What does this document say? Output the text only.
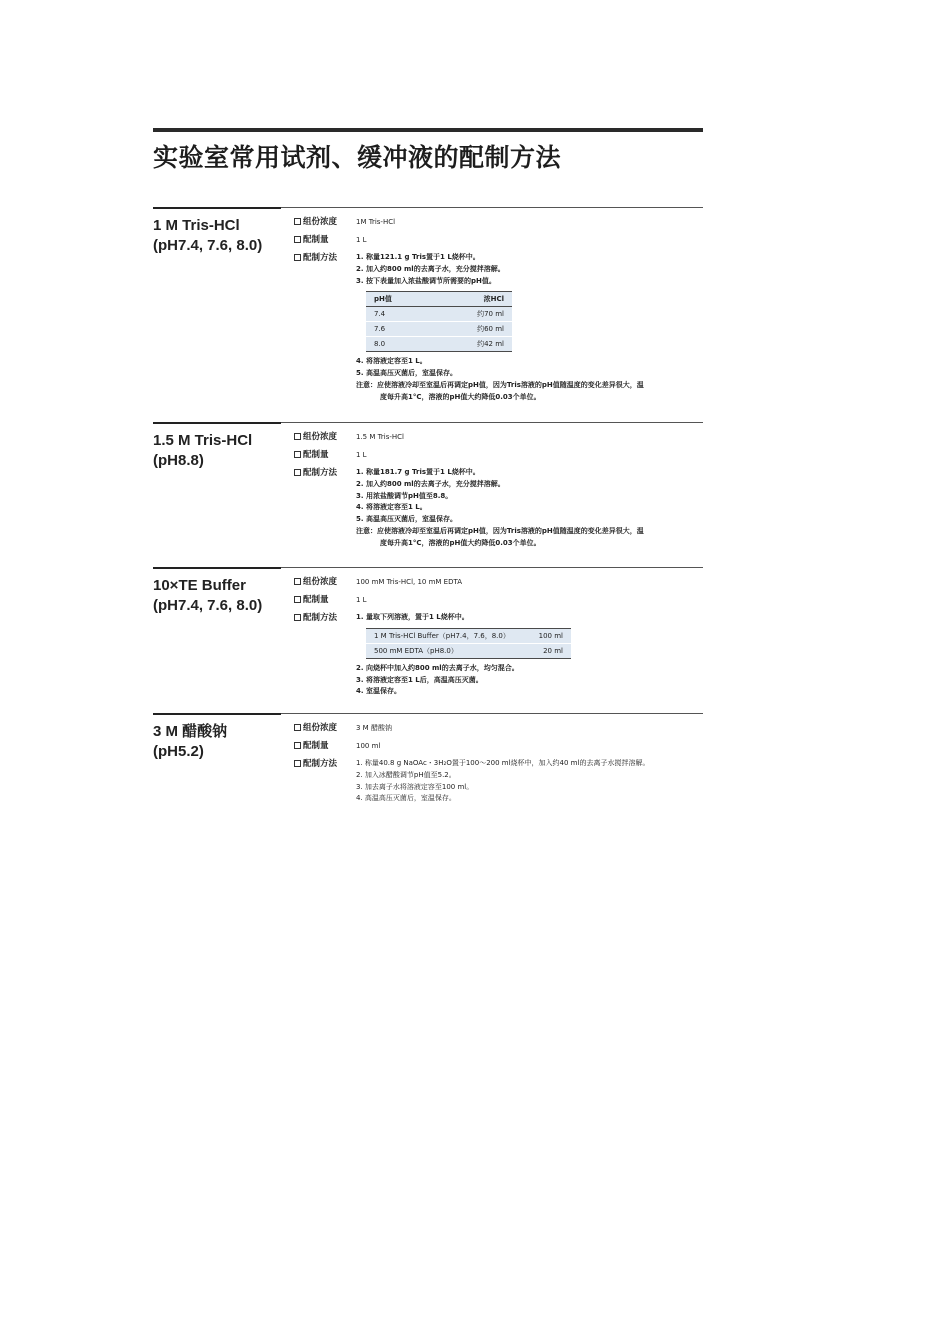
实验室常用试剂、缓冲液的配制方法
1 M Tris-HCl
(pH7.4, 7.6, 8.0)
组份浓度	1M Tris-HCl
配制量	1 L
配制方法	1. 称量121.1 g Tris置于1 L烧杯中。
2. 加入约800 ml的去离子水，充分搅拌溶解。
3. 按下表量加入浓盐酸调节所需要的pH值。
pH值	浓HCl
7.4	约70 ml
7.6	约60 ml
8.0	约42 ml
4. 将溶液定容至1 L。
5. 高温高压灭菌后，室温保存。
注意：应使溶液冷却至室温后再调定pH值，因为Tris溶液的pH值随温度的变化差异很大，温
度每升高1°C，溶液的pH值大约降低0.03个单位。
1.5 M Tris-HCl
(pH8.8)
组份浓度	1.5 M Tris-HCl
配制量	1 L
配制方法	1. 称量181.7 g Tris置于1 L烧杯中。
2. 加入约800 ml的去离子水，充分搅拌溶解。
3. 用浓盐酸调节pH值至8.8。
4. 将溶液定容至1 L。
5. 高温高压灭菌后，室温保存。
注意：应使溶液冷却至室温后再调定pH值，因为Tris溶液的pH值随温度的变化差异很大，温
度每升高1°C，溶液的pH值大约降低0.03个单位。
10×TE Buffer
(pH7.4, 7.6, 8.0)
组份浓度	100 mM Tris-HCl, 10 mM EDTA
配制量	1 L
配制方法	1. 量取下列溶液，置于1 L烧杯中。
1 M Tris-HCl Buffer（pH7.4，7.6，8.0）	100 ml
500 mM EDTA（pH8.0）	20 ml
2. 向烧杯中加入约800 ml的去离子水，均匀混合。
3. 将溶液定容至1 L后，高温高压灭菌。
4. 室温保存。
3 M 醋酸钠
(pH5.2)
组份浓度	3 M 醋酸钠
配制量	100 ml
配制方法	1. 称量40.8 g NaOAc・3H₂O置于100～200 ml烧杯中，加入约40 ml的去离子水搅拌溶解。
2. 加入冰醋酸调节pH值至5.2。
3. 加去离子水将溶液定容至100 ml。
4. 高温高压灭菌后，室温保存。
